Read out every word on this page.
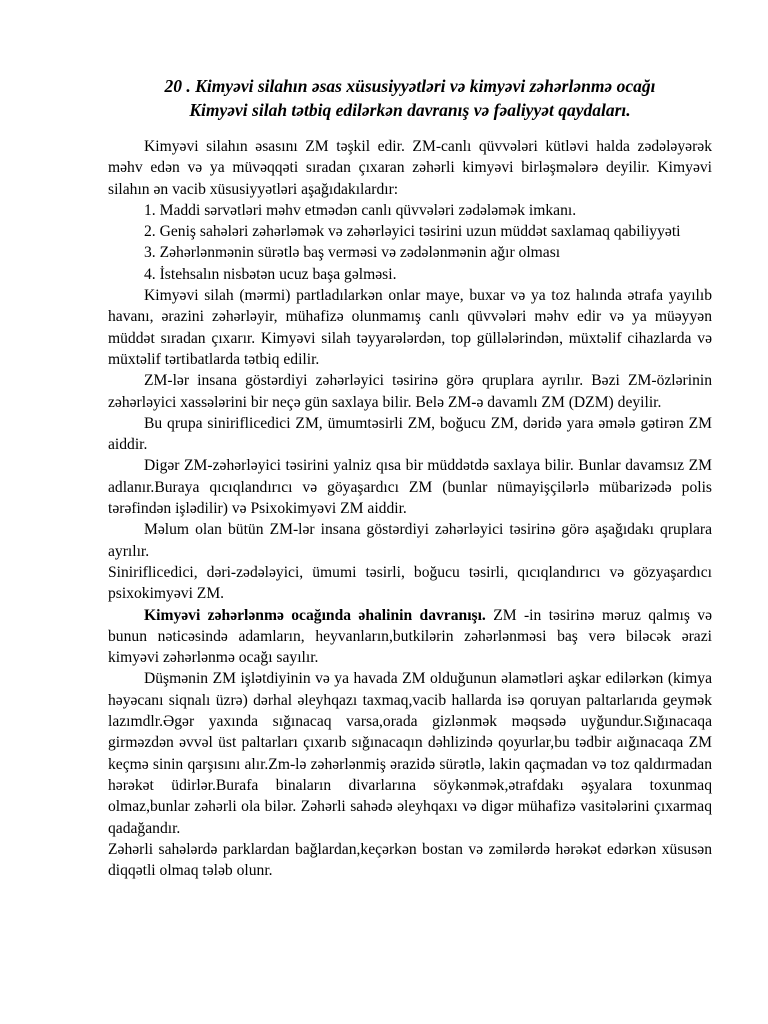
20 . Kimyəvi silahın əsas xüsusiyyətləri və kimyəvi zəhərlənmə ocağı
Kimyəvi silah tətbiq edilərkən davranış və fəaliyyət qaydaları.

Kimyəvi silahın əsasını ZM təşkil edir. ZM-canlı qüvvələri kütləvi halda zədələyərək məhv edən və ya müvəqqəti sıradan çıxaran zəhərli kimyəvi birləşmələrə deyilir. Kimyəvi silahın ən vacib xüsusiyyətləri aşağıdakılardır:

1. Maddi sərvətləri məhv etmədən canlı qüvvələri zədələmək imkanı.

2. Geniş sahələri zəhərləmək və zəhərləyici təsirini uzun müddət saxlamaq qabiliyyəti

3. Zəhərlənmənin sürətlə baş verməsi və zədələnmənin ağır olması

4. İstehsalın nisbətən ucuz başa gəlməsi.

Kimyəvi silah (mərmi) partladılarkən onlar maye, buxar və ya toz halında ətrafa yayılıb havanı, ərazini zəhərləyir, mühafizə olunmamış canlı qüvvələri məhv edir və ya müəyyən müddət sıradan çıxarır. Kimyəvi silah təyyarələrdən, top güllələrindən, müxtəlif cihazlarda və müxtəlif tərtibatlarda tətbiq edilir.

ZM-lər insana göstərdiyi zəhərləyici təsirinə görə qruplara ayrılır. Bəzi ZM-özlərinin zəhərləyici xassələrini bir neçə gün saxlaya bilir. Belə ZM-ə davamlı ZM (DZM) deyilir.

Bu qrupa siniriflicedici ZM, ümumtəsirli ZM, boğucu ZM, dəridə yara əmələ gətirən ZM aiddir.

Digər ZM-zəhərləyici təsirini yalniz qısa bir müddətdə saxlaya bilir. Bunlar davamsız ZM adlanır.Buraya qıcıqlandırıcı və göyaşardıcı ZM (bunlar nümayişçilərlə mübarizədə polis tərəfindən işlədilir) və Psixokimyəvi ZM aiddir.

Məlum olan bütün ZM-lər insana göstərdiyi zəhərləyici təsirinə görə aşağıdakı qruplara ayrılır.

Siniriflicedici, dəri-zədələyici, ümumi təsirli, boğucu təsirli, qıcıqlandırıcı və gözyaşardıcı psixokimyəvi ZM.

Kimyəvi zəhərlənmə ocağında əhalinin davranışı. ZM -in təsirinə məruz qalmış və bunun nəticəsində adamların, heyvanların,butkilərin zəhərlənməsi baş verə biləcək ərazi kimyəvi zəhərlənmə ocağı sayılır.

Düşmənin ZM işlətdiyinin və ya havada ZM olduğunun əlamətləri aşkar edilərkən (kimya həyəcanı siqnalı üzrə) dərhal əleyhqazı taxmaq,vacib hallarda isə qoruyan paltarlarıda geymək lazımdlr.Əgər yaxında sığınacaq varsa,orada gizlənmək məqsədə uyğundur.Sığınacaqa girməzdən əvvəl üst paltarları çıxarıb sığınacaqın dəhlizində qoyurlar,bu tədbir aığınacaqa ZM keçmə sinin qarşısını alır.Zm-lə zəhərlənmiş ərazidə sürətlə, lakin qaçmadan və toz qaldırmadan hərəkət üdirlər.Burafa binaların divarlarına söykənmək,ətrafdakı əşyalara toxunmaq olmaz,bunlar zəhərli ola bilər. Zəhərli sahədə əleyhqaxı və digər mühafizə vasitələrini çıxarmaq qadağandır.

Zəhərli sahələrdə parklardan bağlardan,keçərkən bostan və zəmilərdə hərəkət edərkən xüsusən diqqətli olmaq tələb olunr.
